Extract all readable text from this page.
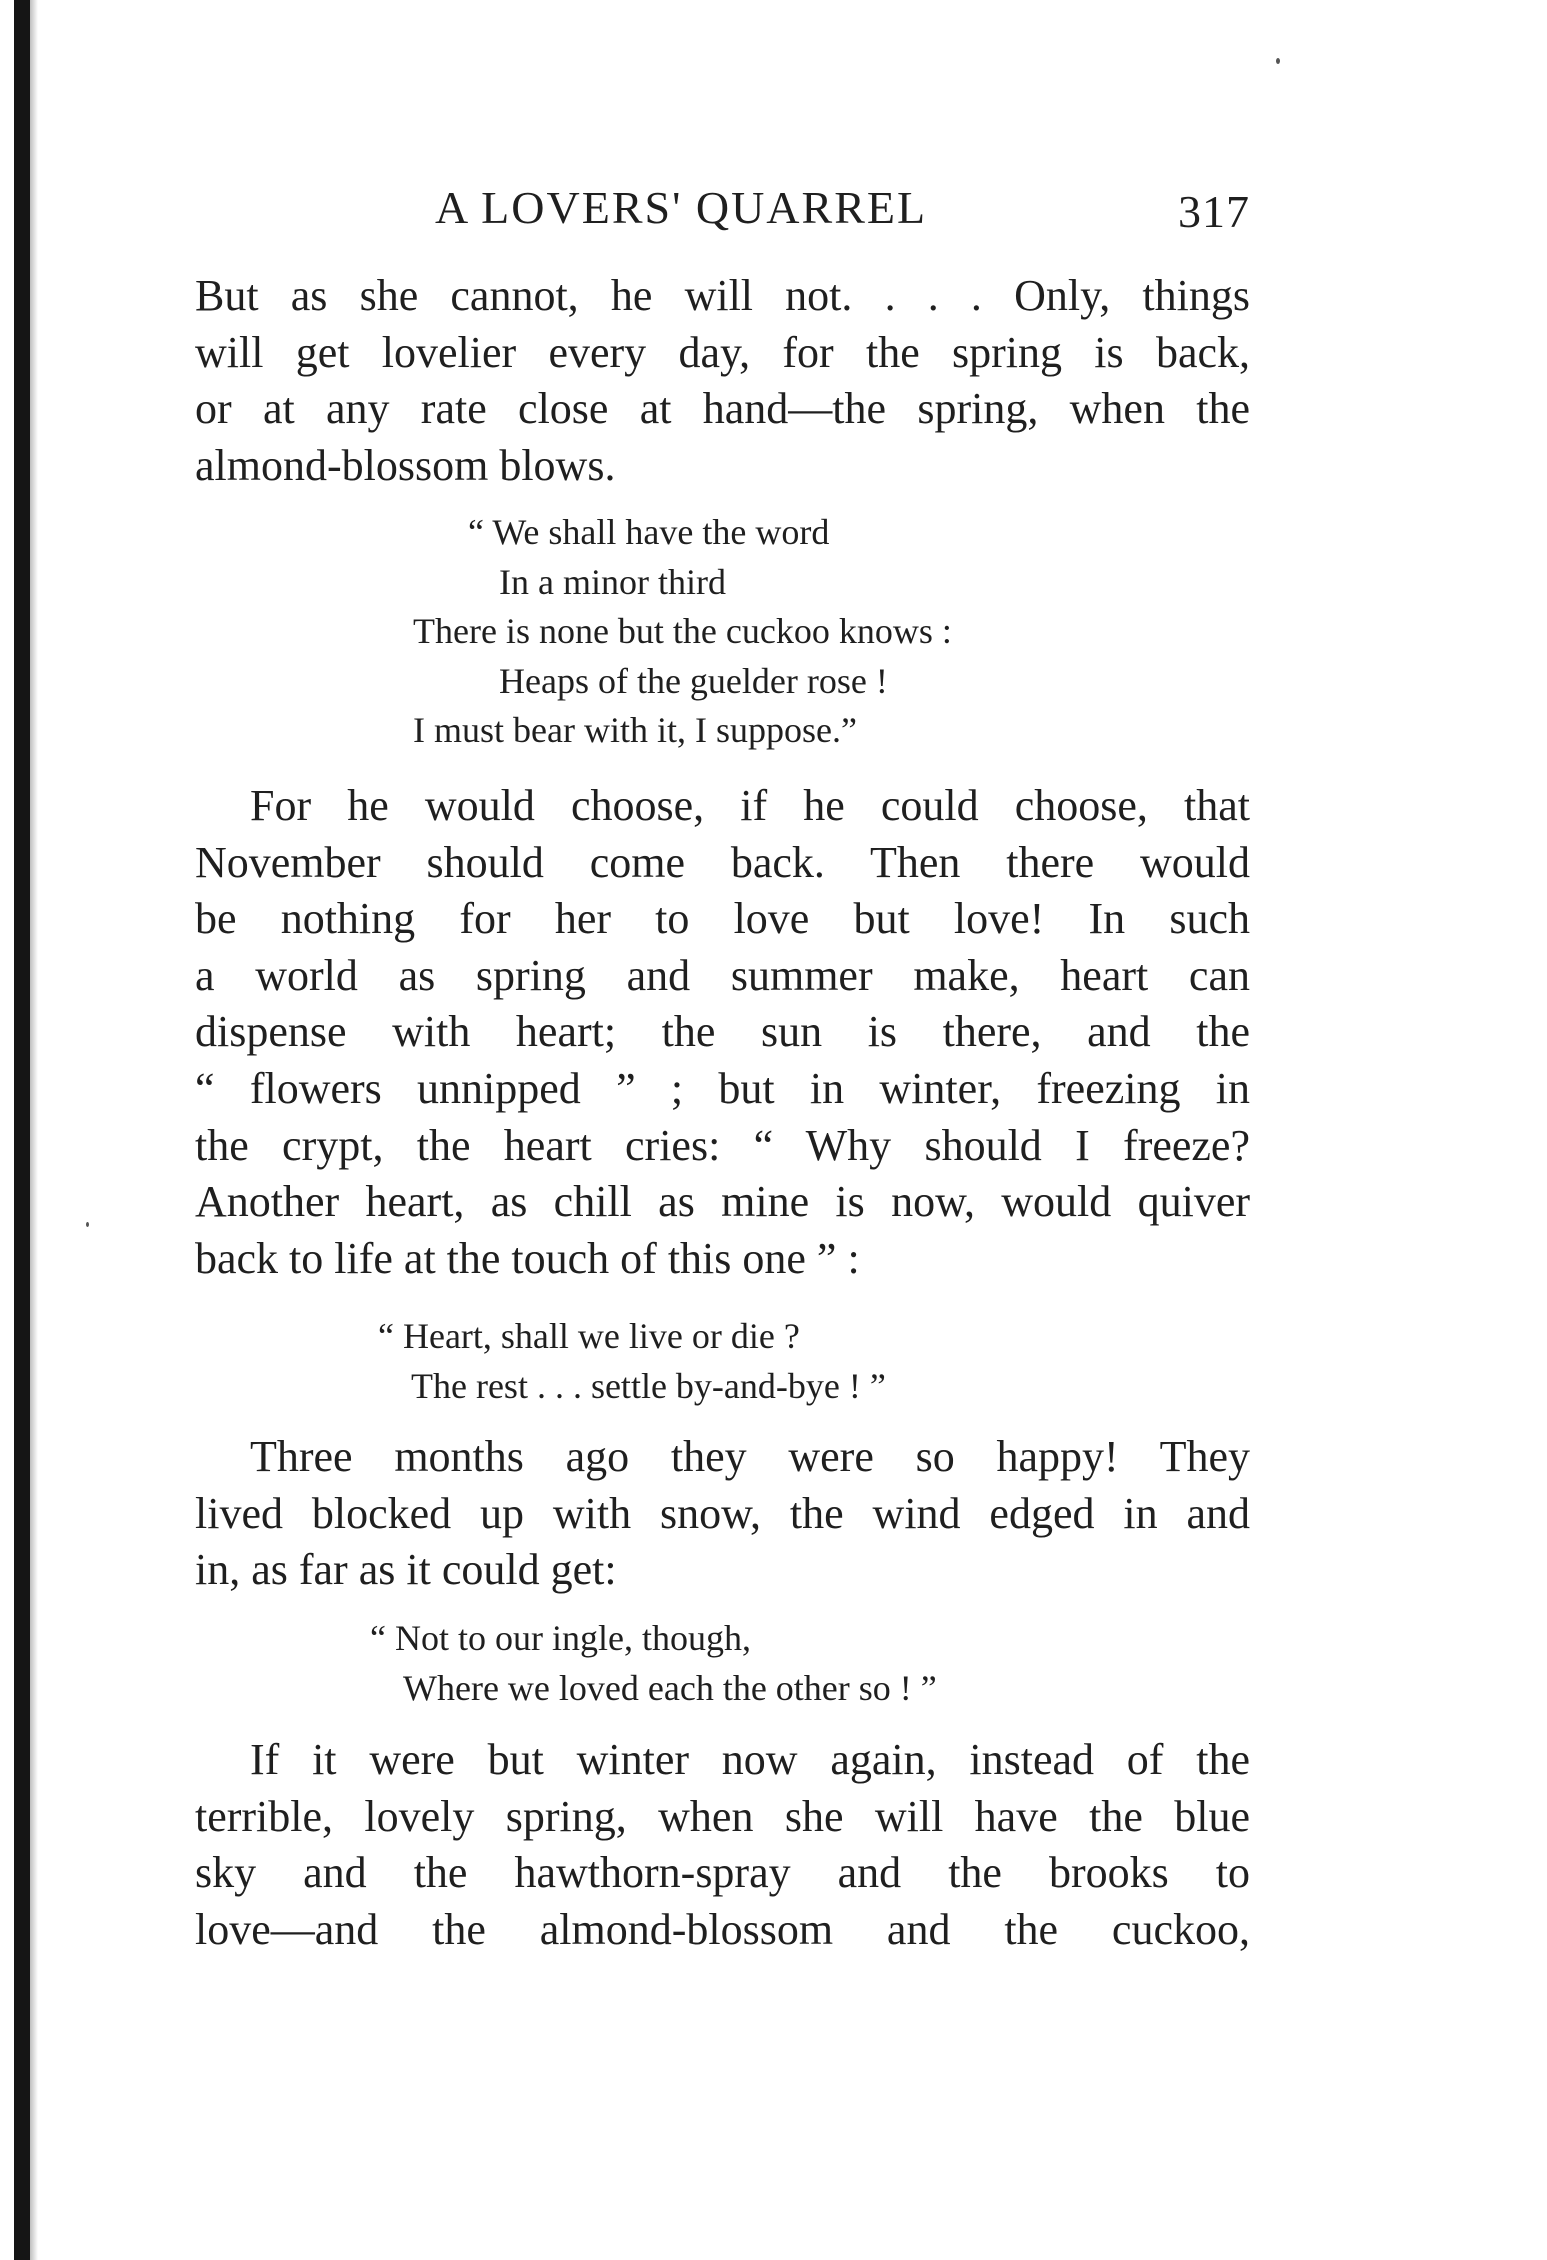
A LOVERS' QUARREL	317

But as she cannot, he will not. . . . Only, things
will get lovelier every day, for the spring is back,
or at any rate close at hand—the spring, when the
almond-blossom blows.

“ We shall have the word
In a minor third
There is none but the cuckoo knows :
Heaps of the guelder rose !
I must bear with it, I suppose.”

For he would choose, if he could choose, that
November should come back. Then there would
be nothing for her to love but love! In such
a world as spring and summer make, heart can
dispense with heart; the sun is there, and the
“ flowers unnipped ” ; but in winter, freezing in
the crypt, the heart cries: “ Why should I freeze?
Another heart, as chill as mine is now, would quiver
back to life at the touch of this one ” :

“ Heart, shall we live or die ?
The rest . . . settle by-and-bye ! ”

Three months ago they were so happy! They
lived blocked up with snow, the wind edged in and
in, as far as it could get:

“ Not to our ingle, though,
Where we loved each the other so ! ”

If it were but winter now again, instead of the
terrible, lovely spring, when she will have the blue
sky and the hawthorn-spray and the brooks to
love—and the almond-blossom and the cuckoo,
